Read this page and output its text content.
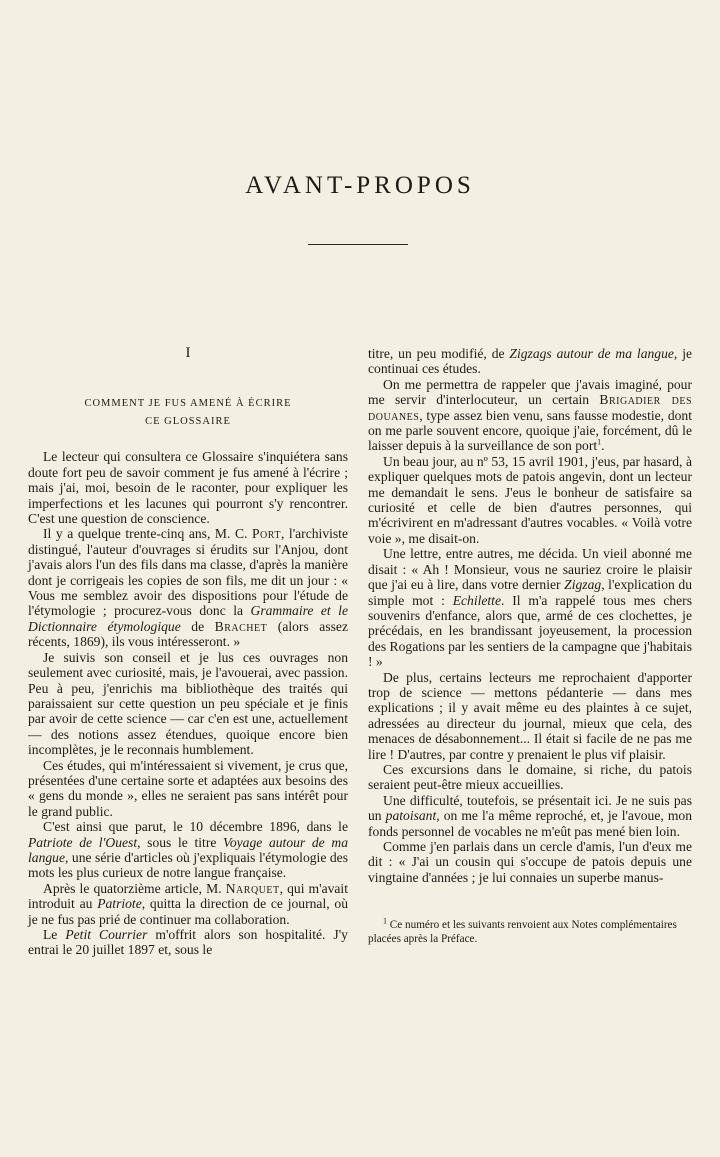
AVANT-PROPOS
I
COMMENT JE FUS AMENÉ À ÉCRIRE
CE GLOSSAIRE

Le lecteur qui consultera ce Glossaire s'inquiétera sans doute fort peu de savoir comment je fus amené à l'écrire ; mais j'ai, moi, besoin de le raconter, pour expliquer les imperfections et les lacunes qui pourront s'y rencontrer. C'est une question de conscience.

Il y a quelque trente-cinq ans, M. C. Port, l'archiviste distingué, l'auteur d'ouvrages si érudits sur l'Anjou, dont j'avais alors l'un des fils dans ma classe, d'après la manière dont je corrigeais les copies de son fils, me dit un jour : « Vous me semblez avoir des dispositions pour l'étude de l'étymologie ; procurez-vous donc la Grammaire et le Dictionnaire étymologique de Brachet (alors assez récents, 1869), ils vous intéresseront. »

Je suivis son conseil et je lus ces ouvrages non seulement avec curiosité, mais, je l'avouerai, avec passion. Peu à peu, j'enrichis ma bibliothèque des traités qui paraissaient sur cette question un peu spéciale et je finis par avoir de cette science — car c'en est une, actuellement — des notions assez étendues, quoique encore bien incomplètes, je le reconnais humblement.

Ces études, qui m'intéressaient si vivement, je crus que, présentées d'une certaine sorte et adaptées aux besoins des « gens du monde », elles ne seraient pas sans intérêt pour le grand public.

C'est ainsi que parut, le 10 décembre 1896, dans le Patriote de l'Ouest, sous le titre Voyage autour de ma langue, une série d'articles où j'expliquais l'étymologie des mots les plus curieux de notre langue française.

Après le quatorzième article, M. Narquet, qui m'avait introduit au Patriote, quitta la direction de ce journal, où je ne fus pas prié de continuer ma collaboration.

Le Petit Courrier m'offrit alors son hospitalité. J'y entrai le 20 juillet 1897 et, sous le

titre, un peu modifié, de Zigzags autour de ma langue, je continuai ces études.

On me permettra de rappeler que j'avais imaginé, pour me servir d'interlocuteur, un certain Brigadier des douanes, type assez bien venu, sans fausse modestie, dont on me parle souvent encore, quoique j'aie, forcément, dû le laisser depuis à la surveillance de son port$^1$.

Un beau jour, au nº 53, 15 avril 1901, j'eus, par hasard, à expliquer quelques mots de patois angevin, dont un lecteur me demandait le sens. J'eus le bonheur de satisfaire sa curiosité et celle de bien d'autres personnes, qui m'écrivirent en m'adressant d'autres vocables. « Voilà votre voie », me disait-on.

Une lettre, entre autres, me décida. Un vieil abonné me disait : « Ah ! Monsieur, vous ne sauriez croire le plaisir que j'ai eu à lire, dans votre dernier Zigzag, l'explication du simple mot : Echilette. Il m'a rappelé tous mes chers souvenirs d'enfance, alors que, armé de ces clochettes, je précédais, en les brandissant joyeusement, la procession des Rogations par les sentiers de la campagne que j'habitais ! »

De plus, certains lecteurs me reprochaient d'apporter trop de science — mettons pédanterie — dans mes explications ; il y avait même eu des plaintes à ce sujet, adressées au directeur du journal, mieux que cela, des menaces de désabonnement... Il était si facile de ne pas me lire ! D'autres, par contre y prenaient le plus vif plaisir.

Ces excursions dans le domaine, si riche, du patois seraient peut-être mieux accueillies.

Une difficulté, toutefois, se présentait ici. Je ne suis pas un patoisant, on me l'a même reproché, et, je l'avoue, mon fonds personnel de vocables ne m'eût pas mené bien loin.

Comme j'en parlais dans un cercle d'amis, l'un d'eux me dit : « J'ai un cousin qui s'occupe de patois depuis une vingtaine d'années ; je lui connaies un superbe manus-

$^1$ Ce numéro et les suivants renvoient aux Notes complémentaires placées après la Préface.
